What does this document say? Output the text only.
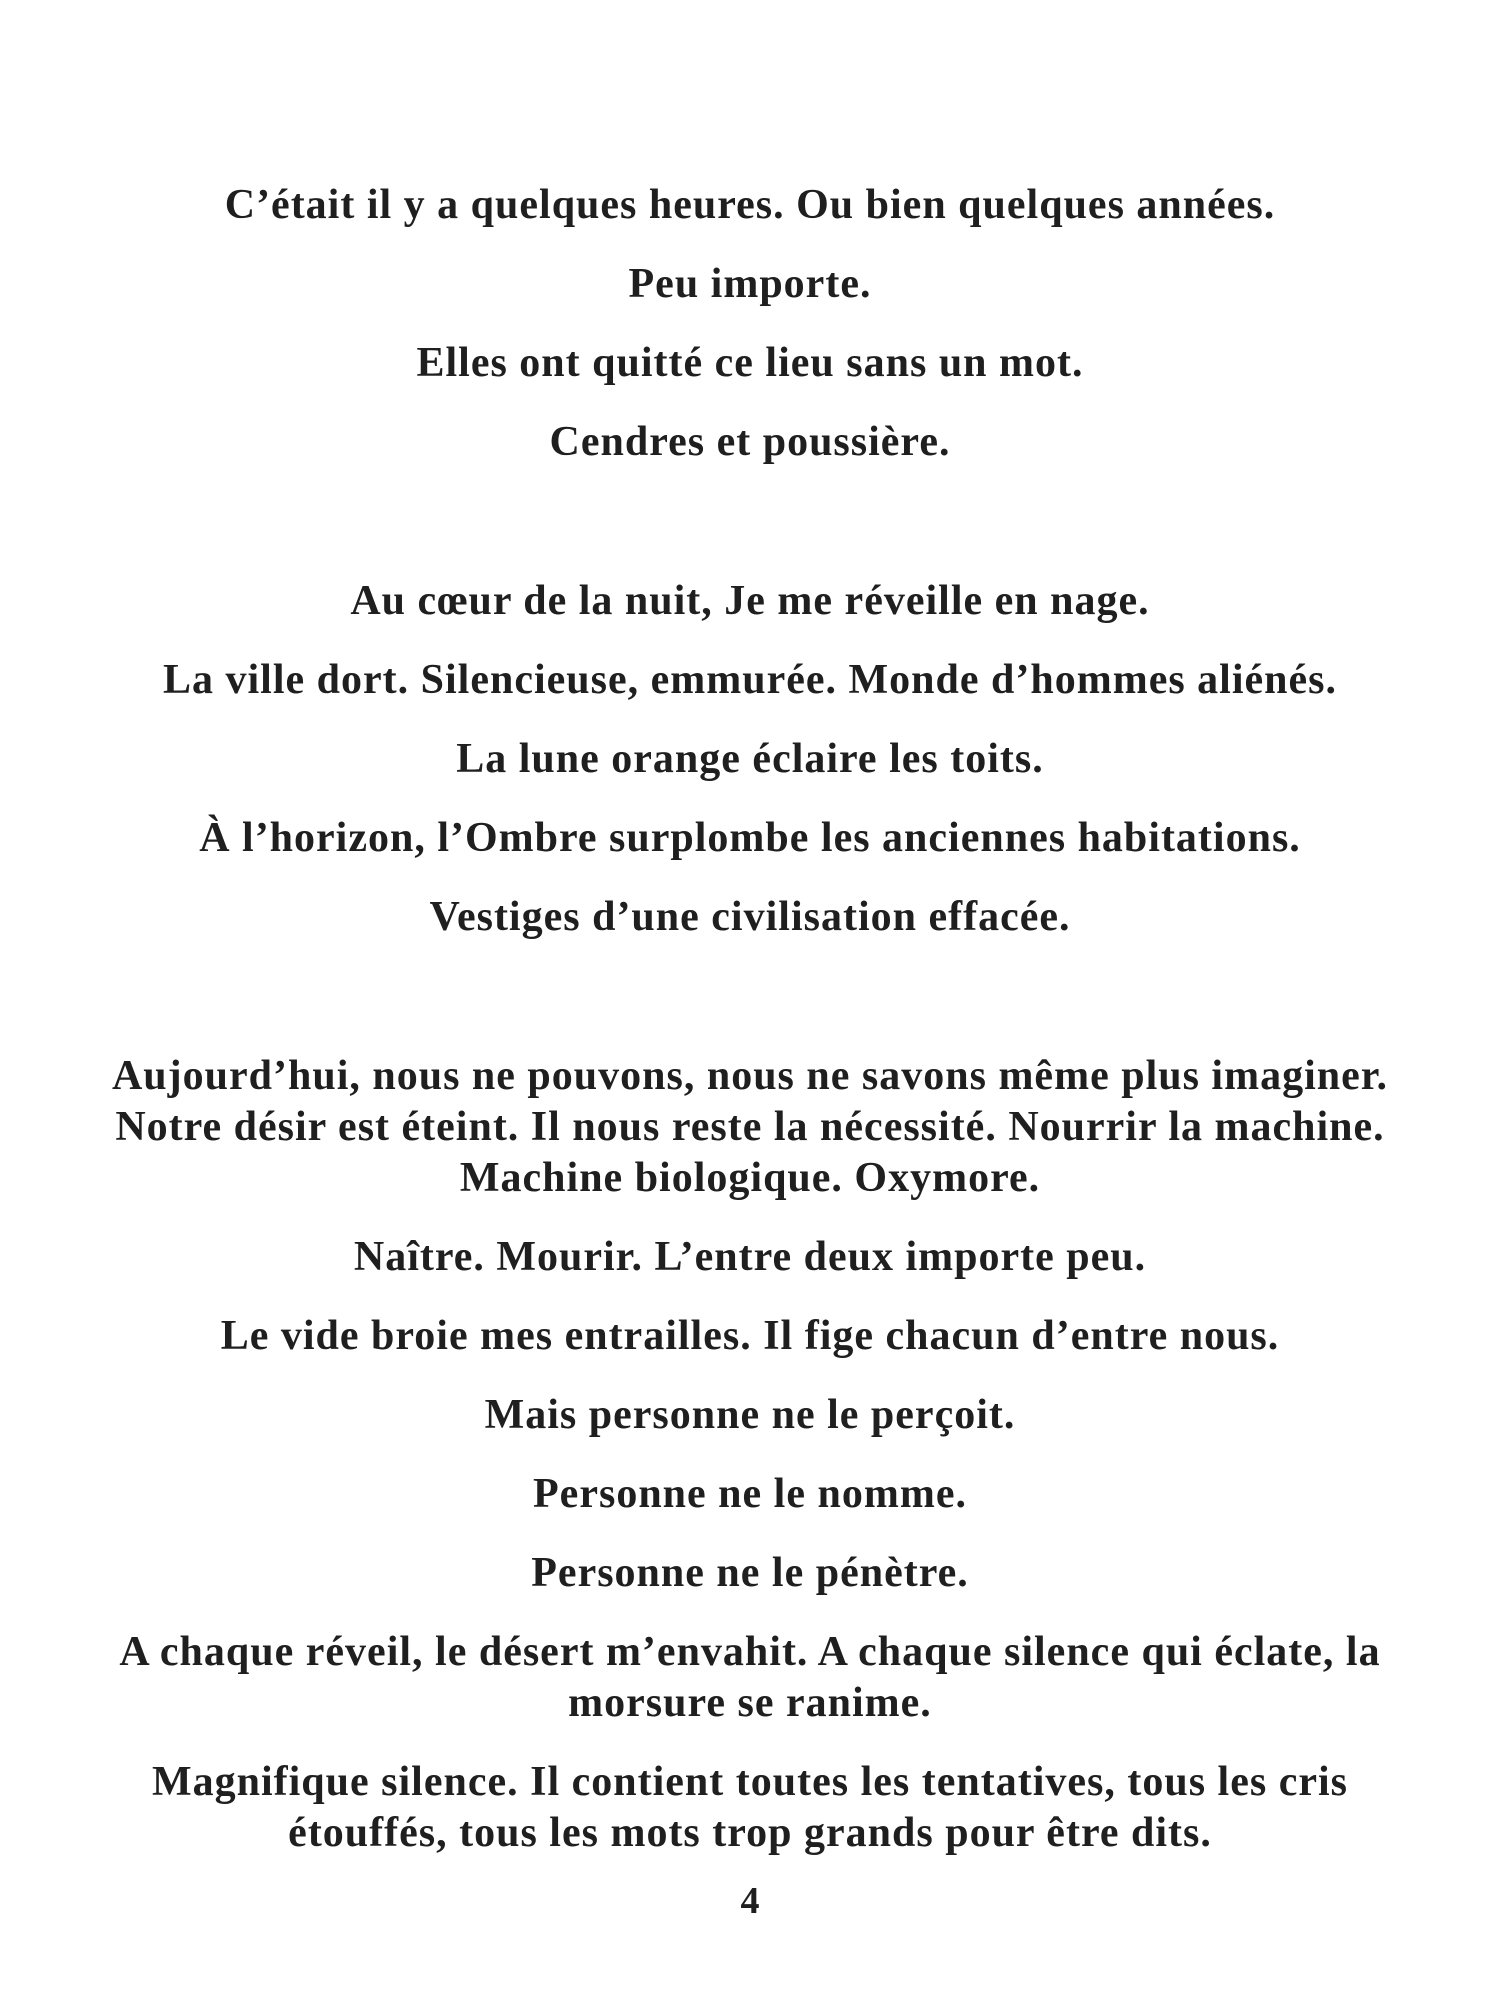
C’était il y a quelques heures. Ou bien quelques années.

Peu importe.

Elles ont quitté ce lieu sans un mot.

Cendres et poussière.

Au cœur de la nuit, Je me réveille en nage.

La ville dort. Silencieuse, emmurée. Monde d’hommes aliénés.

La lune orange éclaire les toits.

À l’horizon, l’Ombre surplombe les anciennes habitations.

Vestiges d’une civilisation effacée.

Aujourd’hui, nous ne pouvons, nous ne savons même plus imaginer.

Notre désir est éteint. Il nous reste la nécessité. Nourrir la machine.

Machine biologique. Oxymore.

Naître. Mourir. L’entre deux importe peu.

Le vide broie mes entrailles. Il fige chacun d’entre nous.

Mais personne ne le perçoit.

Personne ne le nomme.

Personne ne le pénètre.

A chaque réveil, le désert m’envahit. A chaque silence qui éclate, la

morsure se ranime.

Magnifique silence. Il contient toutes les tentatives, tous les cris

étouffés, tous les mots trop grands pour être dits.

4
